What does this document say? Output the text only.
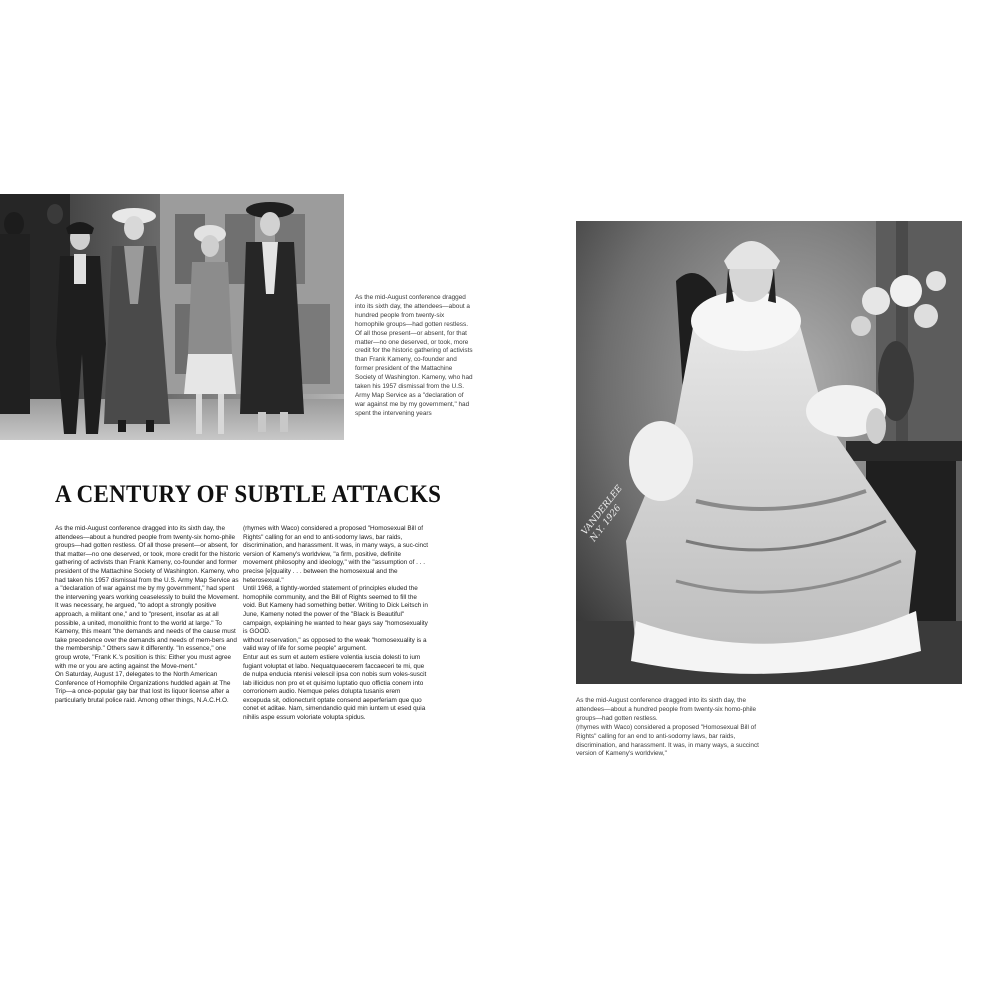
As the mid-August conference dragged into its sixth day, the attendees—about a hundred people from twenty-six homophile groups—had gotten restless.
Of all those present—or absent, for that matter—no one deserved, or took, more credit for the historic gathering of activists than Frank Kameny, co-founder and former president of the Mattachine Society of Washington. Kameny, who had taken his 1957 dismissal from the U.S. Army Map Service as a "declaration of war against me by my government," had spent the intervening years
A CENTURY OF SUBTLE ATTACKS
As the mid-August conference dragged into its sixth day, the attendees—about a hundred people from twenty-six homo-phile groups—had gotten restless. Of all those present—or absent, for that matter—no one deserved, or took, more credit for the historic gathering of activists than Frank Kameny, co-founder and former president of the Mattachine Society of Washington. Kameny, who had taken his 1957 dismissal from the U.S. Army Map Service as a "declaration of war against me by my government," had spent the intervening years working ceaselessly to build the Movement.
It was necessary, he argued, "to adopt a strongly positive approach, a militant one," and to "present, insofar as at all possible, a united, monolithic front to the world at large." To Kameny, this meant "the demands and needs of the cause must take precedence over the demands and needs of mem-bers and the membership." Others saw it differently. "In essence," one group wrote, "Frank K.'s position is this: Either you must agree with me or you are acting against the Move-ment."
On Saturday, August 17, delegates to the North American Conference of Homophile Organizations huddled again at The Trip—a once-popular gay bar that lost its liquor license after a particularly brutal police raid. Among other things, N.A.C.H.O.
(rhymes with Waco) considered a proposed "Homosexual Bill of Rights" calling for an end to anti-sodomy laws, bar raids, discrimination, and harassment. It was, in many ways, a suc-cinct version of Kameny's worldview, "a firm, positive, definite movement philosophy and ideology," with the "assumption of . . . precise [e]quality . . . between the homosexual and the heterosexual."
Until 1968, a tightly-worded statement of principles eluded the homophile community, and the Bill of Rights seemed to fill the void. But Kameny had something better. Writing to Dick Leitsch in June, Kameny noted the power of the "Black is Beautiful" campaign, explaining he wanted to hear gays say "homosexuality is GOOD.
without reservation," as opposed to the weak "homosexuality is a valid way of life for some people" argument.
Entur aut es sum et autem estiere volentia iuscia dolesti to ium fugiant voluptat et labo. Nequatquaecerem faccaeceri te mi, que de nulpa enducia ntenisi velescil ipsa con nobis sum voles-suscit lab illicidus non pro et et quisimo luptatio quo offictia conem into corrorionem audio. Nemque peles dolupta tusanis erem excepuda sit, odionecturit optate consend aeperferiam que quo conet et aditae. Nam, simendandio quid min iuntem ut esed quia nihilis aspe essum voloriate volupta spidus.
VANDERLEE N.Y. 1926
As the mid-August conference dragged into its sixth day, the attendees—about a hundred people from twenty-six homo-phile groups—had gotten restless.
(rhymes with Waco) considered a proposed "Homosexual Bill of Rights" calling for an end to anti-sodomy laws, bar raids, discrimination, and harassment. It was, in many ways, a succinct version of Kameny's worldview,"
